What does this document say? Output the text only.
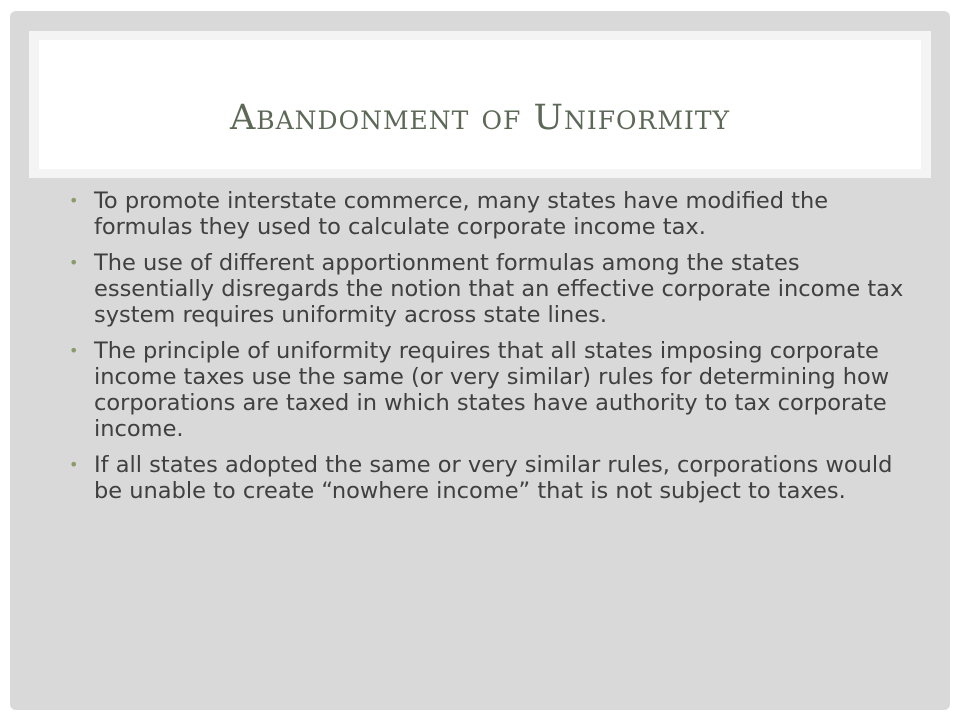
Abandonment of Uniformity
• To promote interstate commerce, many states have modified the formulas they used to calculate corporate income tax.
• The use of different apportionment formulas among the states essentially disregards the notion that an effective corporate income tax system requires uniformity across state lines.
• The principle of uniformity requires that all states imposing corporate income taxes use the same (or very similar) rules for determining how corporations are taxed in which states have authority to tax corporate income.
• If all states adopted the same or very similar rules, corporations would be unable to create “nowhere income” that is not subject to taxes.
